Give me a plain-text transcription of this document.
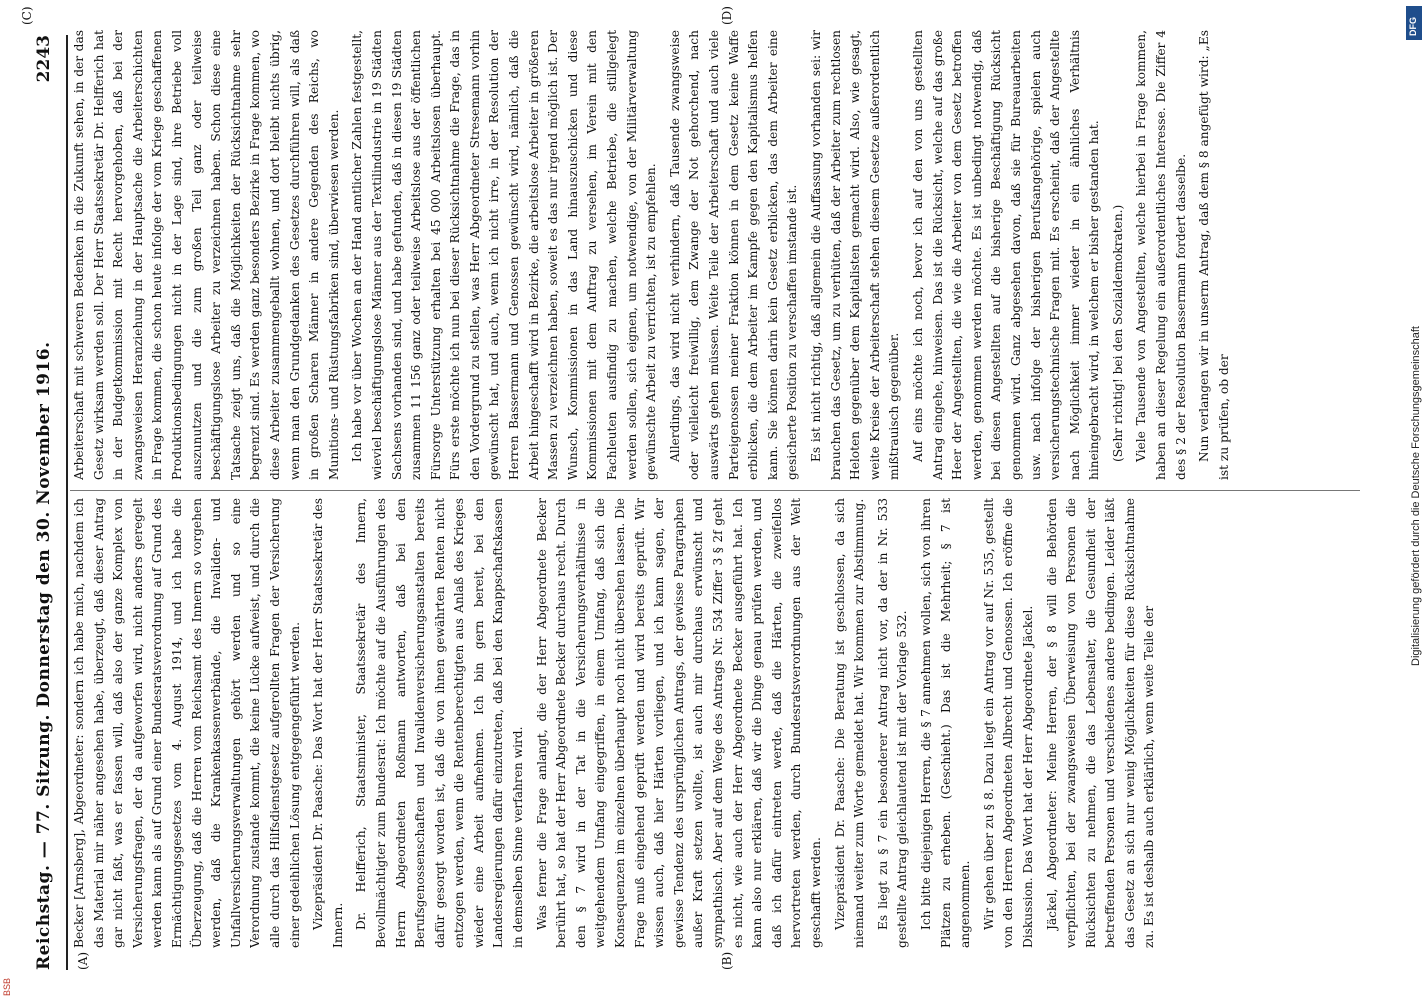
Reichstag. — 77. Sitzung. Donnerstag den 30. November 1916.
2243
(A)	(B)
(C)	(D)

Becker [Arnsberg], Abgeordneter: sondern ich habe mich, nachdem ich das Material mir näher angesehen habe, überzeugt, daß dieser Antrag gar nicht faßt, was er fassen will, daß also der ganze Komplex von Versicherungsfragen, der da aufgeworfen wird, nicht anders geregelt werden kann als auf Grund einer Bundesratsverordnung auf Grund des Ermächtigungsgesetzes vom 4. August 1914, und ich habe die Überzeugung, daß die Herren vom Reichsamt des Innern so vorgehen werden, daß die Krankenkassenverbände, die Invaliden- und Unfallversicherungsverwaltungen gehört werden und so eine Verordnung zustande kommt, die keine Lücke aufweist, und durch die alle durch das Hilfsdienstgesetz aufgerollten Fragen der Versicherung einer gedeihlichen Lösung entgegengeführt werden. Vizepräsident Dr. Paasche: Das Wort hat der Herr Staatssekretär des Innern. Dr. Helfferich, Staatsminister, Staatssekretär des Innern, Bevollmächtigter zum Bundesrat: Ich möchte auf die Ausführungen des Herrn Abgeordneten Roßmann antworten, daß bei den Berufsgenossenschaften und Invalidenversicherungsanstalten bereits dafür gesorgt worden ist, daß die von ihnen gewährten Renten nicht entzogen werden, wenn die Rentenberechtigten aus Anlaß des Krieges wieder eine Arbeit aufnehmen. Ich bin gern bereit, bei den Landesregierungen dafür einzutreten, daß bei den Knappschaftskassen in demselben Sinne verfahren wird. Was ferner die Frage anlangt, die der Herr Abgeordnete Becker berührt hat, so hat der Herr Abgeordnete Becker durchaus recht. Durch den § 7 wird in der Tat in die Versicherungsverhältnisse in weitgehendem Umfang eingegriffen, in einem Umfang, daß sich die Konsequenzen im einzelnen überhaupt noch nicht übersehen lassen. Die Frage muß eingehend geprüft werden und wird bereits geprüft. Wir wissen auch, daß hier Härten vorliegen, und ich kann sagen, der gewisse Tendenz des ursprünglichen Antrags, der gewisse Paragraphen außer Kraft setzen wollte, ist auch mir durchaus erwünscht und sympathisch. Aber auf dem Wege des Antrags Nr. 534 Ziffer 3 § 2f geht es nicht, wie auch der Herr Abgeordnete Becker ausgeführt hat. Ich kann also nur erklären, daß wir die Dinge genau prüfen werden, und daß ich dafür eintreten werde, daß die Härten, die zweifellos hervortreten werden, durch Bundesratsverordnungen aus der Welt geschafft werden. Vizepräsident Dr. Paasche: Die Beratung ist geschlossen, da sich niemand weiter zum Worte gemeldet hat. Wir kommen zur Abstimmung. Es liegt zu § 7 ein besonderer Antrag nicht vor, da der in Nr. 533 gestellte Antrag gleichlautend ist mit der Vorlage 532. Ich bitte diejenigen Herren, die § 7 annehmen wollen, sich von ihren Plätzen zu erheben. (Geschieht.) Das ist die Mehrheit; § 7 ist angenommen. Wir gehen über zu § 8. Dazu liegt ein Antrag vor auf Nr. 535, gestellt von den Herren Abgeordneten Albrecht und Genossen. Ich eröffne die Diskussion. Das Wort hat der Herr Abgeordnete Jäckel. Jäckel, Abgeordneter: Meine Herren, der § 8 will die Behörden verpflichten, bei der zwangsweisen Überweisung von Personen die Rücksichten zu nehmen, die das Lebensalter, die Gesundheit der betreffenden Personen und verschiedenes andere bedingen. Leider läßt das Gesetz an sich nur wenig Möglichkeiten für diese Rücksichtnahme zu. Es ist deshalb auch erklärlich, wenn weite Teile der

Arbeiterschaft mit schweren Bedenken in die Zukunft sehen, in der das Gesetz wirksam werden soll. Der Herr Staatssekretär Dr. Helfferich hat in der Budgetkommission mit Recht hervorgehoben, daß bei der zwangsweisen Heranziehung in der Hauptsache die Arbeiterschichten in Frage kommen, die schon heute infolge der vom Kriege geschaffenen Produktionsbedingungen nicht in der Lage sind, ihre Betriebe voll auszunutzen und die zum großen Teil ganz oder teilweise beschäftigungslose Arbeiter zu verzeichnen haben. Schon diese eine Tatsache zeigt uns, daß die Möglichkeiten der Rücksichtnahme sehr begrenzt sind. Es werden ganz besonders Bezirke in Frage kommen, wo diese Arbeiter zusammengeballt wohnen, und dort bleibt nichts übrig, wenn man den Grundgedanken des Gesetzes durchführen will, als daß in großen Scharen Männer in andere Gegenden des Reichs, wo Munitions- und Rüstungsfabriken sind, überwiesen werden. Ich habe vor über Wochen an der Hand amtlicher Zahlen festgestellt, wieviel beschäftigungslose Männer aus der Textilindustrie in 19 Städten Sachsens vorhanden sind, und habe gefunden, daß in diesen 19 Städten zusammen 11 156 ganz oder teilweise Arbeitslose aus der öffentlichen Fürsorge Unterstützung erhalten bei 45 000 Arbeitslosen überhaupt. Fürs erste möchte ich nun bei dieser Rücksichtnahme die Frage, das in den Vordergrund zu stellen, was Herr Abgeordneter Stresemann vorhin gewünscht hat, und auch, wenn ich nicht irre, in der Resolution der Herren Bassermann und Genossen gewünscht wird, nämlich, daß die Arbeit hingeschafft wird in Bezirke, die arbeitslose Arbeiter in größeren Massen zu verzeichnen haben, soweit es das nur irgend möglich ist. Der Wunsch, Kommissionen in das Land hinauszuschicken und diese Kommissionen mit dem Auftrag zu versehen, im Verein mit den Fachleuten ausfindig zu machen, welche Betriebe, die stillgelegt werden sollen, sich eignen, um notwendige, von der Militärverwaltung gewünschte Arbeit zu verrichten, ist zu empfehlen. Allerdings, das wird nicht verhindern, daß Tausende zwangsweise oder vielleicht freiwillig, dem Zwange der Not gehorchend, nach auswärts gehen müssen. Weite Teile der Arbeiterschaft und auch viele Parteigenossen meiner Fraktion können in dem Gesetz keine Waffe erblicken, die dem Arbeiter im Kampfe gegen den Kapitalismus helfen kann. Sie können darin kein Gesetz erblicken, das dem Arbeiter eine gesicherte Position zu verschaffen imstande ist. Es ist nicht richtig, daß allgemein die Auffassung vorhanden sei: wir brauchen das Gesetz, um zu verhüten, daß der Arbeiter zum rechtlosen Heloten gegenüber dem Kapitalisten gemacht wird. Also, wie gesagt, weite Kreise der Arbeiterschaft stehen diesem Gesetze außerordentlich mißtrauisch gegenüber. Auf eins möchte ich noch, bevor ich auf den von uns gestellten Antrag eingehe, hinweisen. Das ist die Rücksicht, welche auf das große Heer der Angestellten, die wie die Arbeiter von dem Gesetz betroffen werden, genommen werden möchte. Es ist unbedingt notwendig, daß bei diesen Angestellten auf die bisherige Beschäftigung Rücksicht genommen wird. Ganz abgesehen davon, daß sie für Bureauarbeiten usw. nach infolge der bisherigen Berufsangehörige, spielen auch versicherungstechnische Fragen mit. Es erscheint, daß der Angestellte nach Möglichkeit immer wieder in ein ähnliches Verhältnis hineingebracht wird, in welchem er bisher gestanden hat. (Sehr richtig! bei den Sozialdemokraten.) Viele Tausende von Angestellten, welche hierbei in Frage kommen, haben an dieser Regelung ein außerordentliches Interesse. Die Ziffer 4 des § 2 der Resolution Bassermann fordert dasselbe. Nun verlangen wir in unserm Antrag, daß dem § 8 angefügt wird: „Es ist zu prüfen, ob der	Digitalisierung gefördert durch die Deutsche Forschungsgemeinschaft
DFG
BSB
